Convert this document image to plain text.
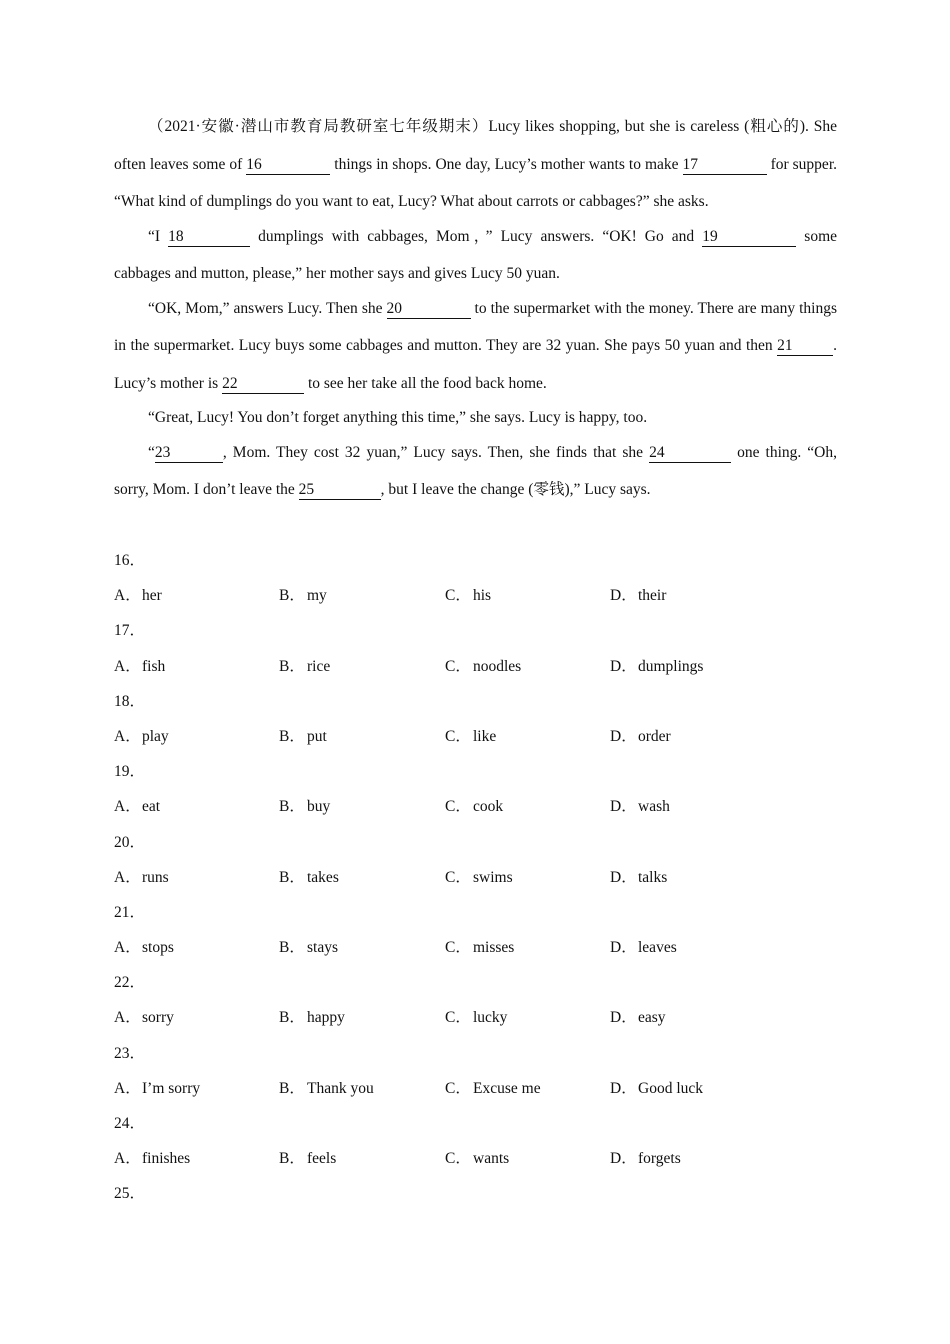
（2021·安徽·潜山市教育局教研室七年级期末）Lucy likes shopping, but she is careless (粗心的). She often leaves some of 16	things in shops. One day, Lucy’s mother wants to make 17	for supper. “What kind of dumplings do you want to eat, Lucy? What about carrots or cabbages?” she asks.

“I 18	dumplings with cabbages, Mom，” Lucy answers. “OK! Go and 19	some cabbages and mutton, please,” her mother says and gives Lucy 50 yuan.

“OK, Mom,” answers Lucy. Then she 20	to the supermarket with the money. There are many things in the supermarket. Lucy buys some cabbages and mutton. They are 32 yuan. She pays 50 yuan and then 21	. Lucy’s mother is 22	to see her take all the food back home.

“Great, Lucy! You don’t forget anything this time,” she says. Lucy is happy, too.

“23	, Mom. They cost 32 yuan,” Lucy says. Then, she finds that she 24	one thing. “Oh, sorry, Mom. I don’t leave the 25	, but I leave the change (零钱),” Lucy says.

16．
A．her	B． my	C． his	D．their
17．
A．fish	B． rice	C． noodles	D．dumplings
18．
A．play	B． put	C． like	D．order
19．
A．eat	B． buy	C． cook	D．wash
20．
A．runs	B． takes	C． swims	D．talks
21．
A．stops	B． stays	C． misses	D．leaves
22．
A．sorry	B． happy	C． lucky	D．easy
23．
A．I’m sorry	B． Thank you	C． Excuse me	D．Good luck
24．
A．finishes	B． feels	C． wants	D．forgets
25．
